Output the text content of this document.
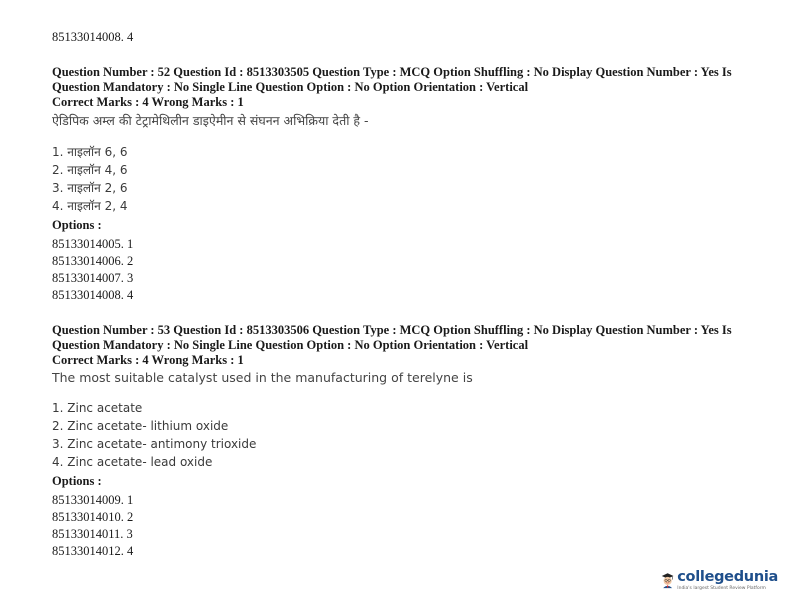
85133014008. 4
Question Number : 52 Question Id : 8513303505 Question Type : MCQ Option Shuffling : No Display Question Number : Yes Is
Question Mandatory : No Single Line Question Option : No Option Orientation : Vertical
Correct Marks : 4 Wrong Marks : 1
ऐडिपिक अम्ल की टेट्रामेथिलीन डाइऐमीन से संघनन अभिक्रिया देती है -
1. नाइलॉन 6, 6
2. नाइलॉन 4, 6
3. नाइलॉन 2, 6
4. नाइलॉन 2, 4
Options :
85133014005. 1
85133014006. 2
85133014007. 3
85133014008. 4
Question Number : 53 Question Id : 8513303506 Question Type : MCQ Option Shuffling : No Display Question Number : Yes Is
Question Mandatory : No Single Line Question Option : No Option Orientation : Vertical
Correct Marks : 4 Wrong Marks : 1
The most suitable catalyst used in the manufacturing of terelyne is
1. Zinc acetate
2. Zinc acetate- lithium oxide
3. Zinc acetate- antimony trioxide
4. Zinc acetate- lead oxide
Options :
85133014009. 1
85133014010. 2
85133014011. 3
85133014012. 4
collegedunia
India's largest Student Review Platform
